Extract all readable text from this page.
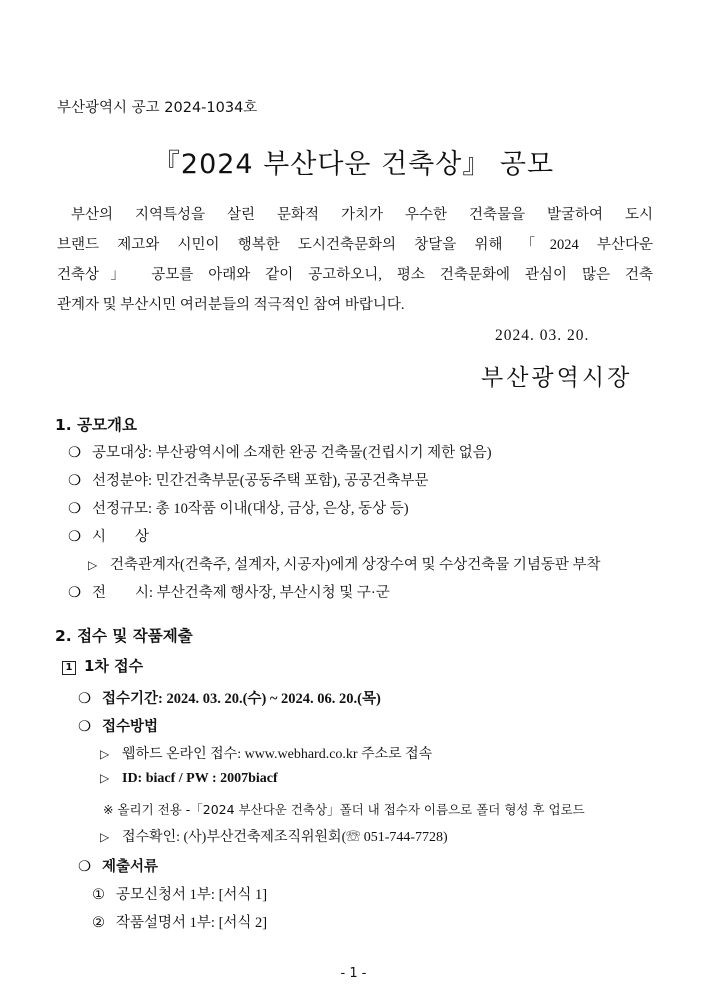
부산광역시 공고 2024-1034호
『2024 부산다운 건축상』 공모
부산의 지역특성을 살린 문화적 가치가 우수한 건축물을 발굴하여 도시
브랜드 제고와 시민이 행복한 도시건축문화의 창달을 위해 「2024 부산다운
건축상」 공모를 아래와 같이 공고하오니, 평소 건축문화에 관심이 많은 건축
관계자 및 부산시민 여러분들의 적극적인 참여 바랍니다.
2024. 03. 20.
부산광역시장
1. 공모개요
❍ 공모대상: 부산광역시에 소재한 완공 건축물(건립시기 제한 없음)
❍ 선정분야: 민간건축부문(공동주택 포함), 공공건축부문
❍ 선정규모: 총 10작품 이내(대상, 금상, 은상, 동상 등)
❍ 시　　상
▷ 건축관계자(건축주, 설계자, 시공자)에게 상장수여 및 수상건축물 기념동판 부착
❍ 전　　시: 부산건축제 행사장, 부산시청 및 구·군
2. 접수 및 작품제출
1 1차 접수
❍ 접수기간: 2024. 03. 20.(수) ~ 2024. 06. 20.(목)
❍ 접수방법
▷ 웹하드 온라인 접수: www.webhard.co.kr 주소로 접속
▷ ID: biacf / PW : 2007biacf
※ 올리기 전용 -「2024 부산다운 건축상」폴더 내 접수자 이름으로 폴더 형성 후 업로드
▷ 접수확인: (사)부산건축제조직위원회(☏ 051-744-7728)
❍ 제출서류
① 공모신청서 1부: [서식 1]
② 작품설명서 1부: [서식 2]
- 1 -
